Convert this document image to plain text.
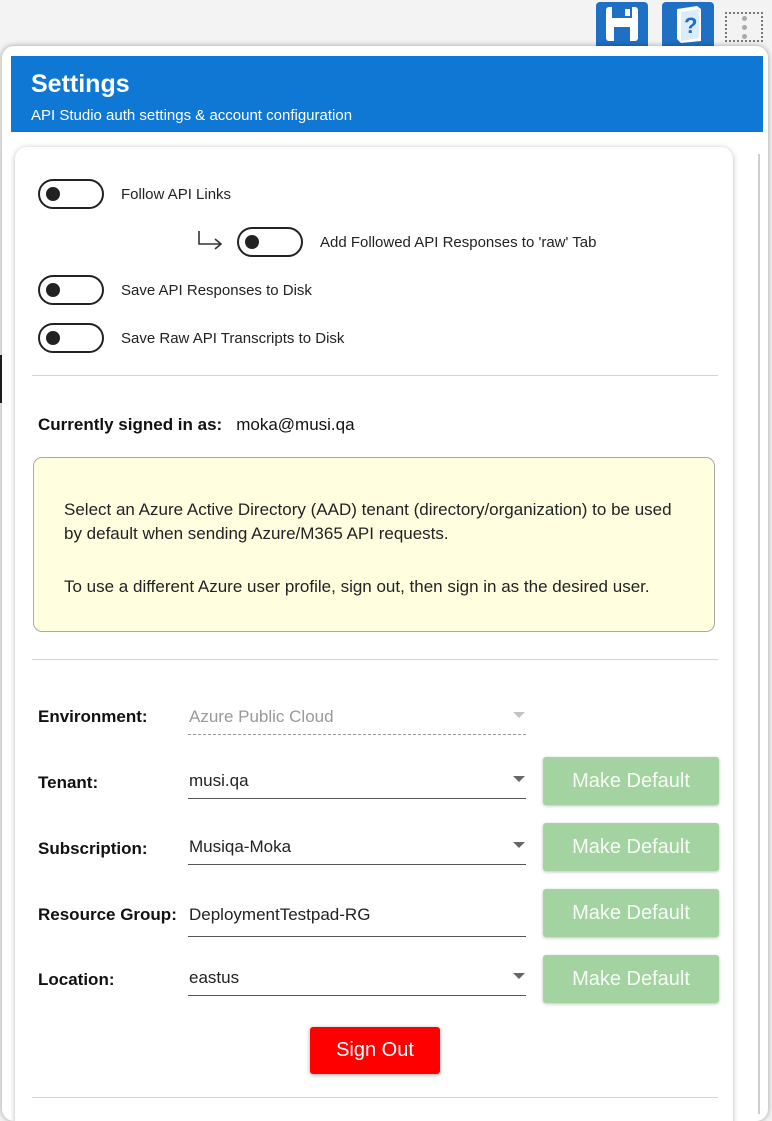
?
Settings
API Studio auth settings & account configuration
Follow API Links
Add Followed API Responses to 'raw' Tab
Save API Responses to Disk
Save Raw API Transcripts to Disk
Currently signed in as: moka@musi.qa

Select an Azure Active Directory (AAD) tenant (directory/organization) to be used by default when sending Azure/M365 API requests.

To use a different Azure user profile, sign out, then sign in as the desired user.

Environment: Azure Public Cloud
Tenant:	musi.qa	Make Default
Subscription: Musiqa-Moka	Make Default
Resource Group: DeploymentTestpad-RG	Make Default
Location:	eastus	Make Default
Sign Out
